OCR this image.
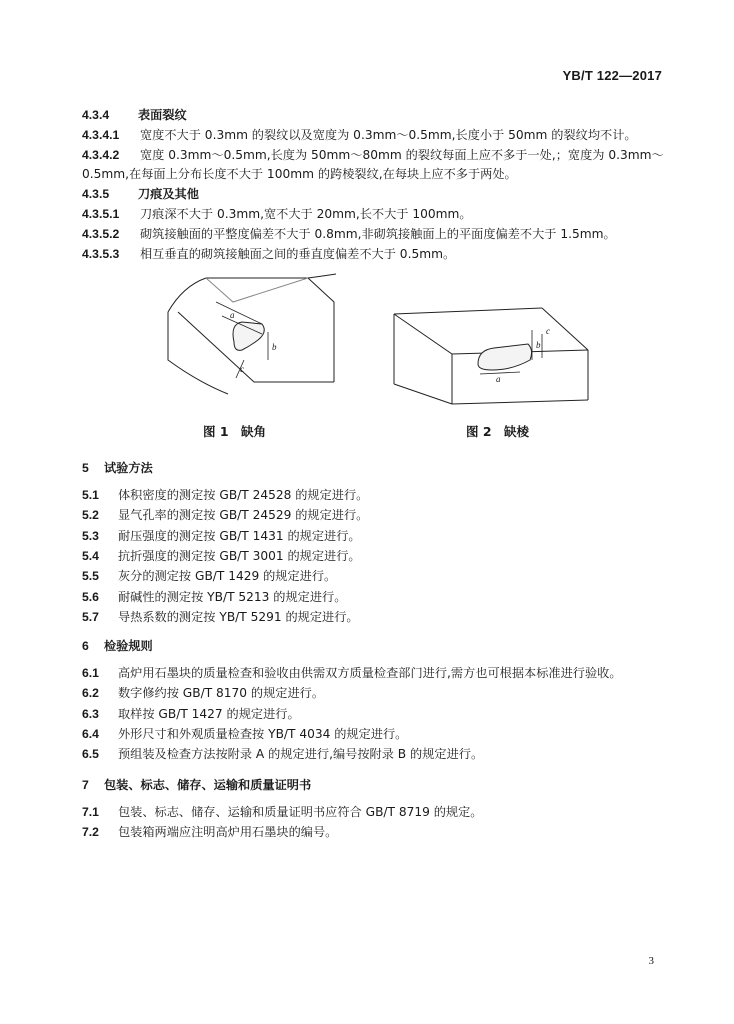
YB/T 122—2017
4.3.4 表面裂纹
4.3.4.1 宽度不大于 0.3mm 的裂纹以及宽度为 0.3mm～0.5mm,长度小于 50mm 的裂纹均不计。
4.3.4.2 宽度 0.3mm～0.5mm,长度为 50mm～80mm 的裂纹每面上应不多于一处,；宽度为 0.3mm～
0.5mm,在每面上分布长度不大于 100mm 的跨棱裂纹,在每块上应不多于两处。
4.3.5 刀痕及其他
4.3.5.1 刀痕深不大于 0.3mm,宽不大于 20mm,长不大于 100mm。
4.3.5.2 砌筑接触面的平整度偏差不大于 0.8mm,非砌筑接触面上的平面度偏差不大于 1.5mm。
4.3.5.3 相互垂直的砌筑接触面之间的垂直度偏差不大于 0.5mm。
a
b
c
图 1　缺角
a
b
c
图 2　缺棱
5 试验方法
5.1 体积密度的测定按 GB/T 24528 的规定进行。
5.2 显气孔率的测定按 GB/T 24529 的规定进行。
5.3 耐压强度的测定按 GB/T 1431 的规定进行。
5.4 抗折强度的测定按 GB/T 3001 的规定进行。
5.5 灰分的测定按 GB/T 1429 的规定进行。
5.6 耐碱性的测定按 YB/T 5213 的规定进行。
5.7 导热系数的测定按 YB/T 5291 的规定进行。
6 检验规则
6.1 高炉用石墨块的质量检查和验收由供需双方质量检查部门进行,需方也可根据本标准进行验收。
6.2 数字修约按 GB/T 8170 的规定进行。
6.3 取样按 GB/T 1427 的规定进行。
6.4 外形尺寸和外观质量检查按 YB/T 4034 的规定进行。
6.5 预组装及检查方法按附录 A 的规定进行,编号按附录 B 的规定进行。
7 包装、标志、储存、运输和质量证明书
7.1 包装、标志、储存、运输和质量证明书应符合 GB/T 8719 的规定。
7.2 包装箱两端应注明高炉用石墨块的编号。
3
